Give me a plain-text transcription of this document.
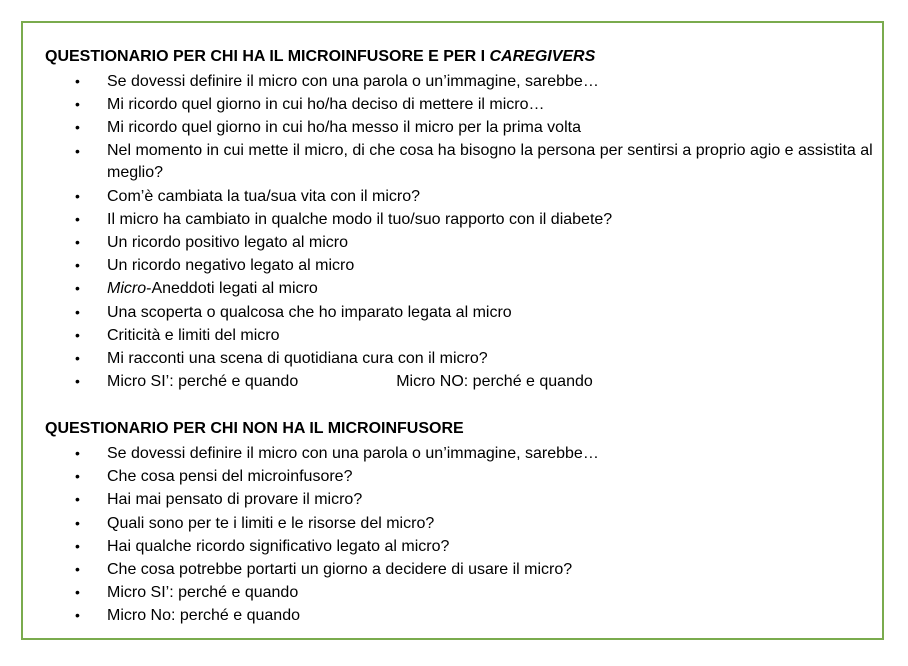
QUESTIONARIO PER CHI HA IL MICROINFUSORE E PER I CAREGIVERS

• Se dovessi definire il micro con una parola o un’immagine, sarebbe…
• Mi ricordo quel giorno in cui ho/ha deciso di mettere il micro…
• Mi ricordo quel giorno in cui ho/ha messo il micro per la prima volta
• Nel momento in cui mette il micro, di che cosa ha bisogno la persona per sentirsi a proprio agio e assistita al meglio?
• Com’è cambiata la tua/sua vita con il micro?
• Il micro ha cambiato in qualche modo il tuo/suo rapporto con il diabete?
• Un ricordo positivo legato al micro
• Un ricordo negativo legato al micro
• Micro-Aneddoti legati al micro
• Una scoperta o qualcosa che ho imparato legata al micro
• Criticità e limiti del micro
• Mi racconti una scena di quotidiana cura con il micro?
• Micro SI’: perché e quando	Micro NO: perché e quando

QUESTIONARIO PER CHI NON HA IL MICROINFUSORE

• Se dovessi definire il micro con una parola o un’immagine, sarebbe…
• Che cosa pensi del microinfusore?
• Hai mai pensato di provare il micro?
• Quali sono per te i limiti e le risorse del micro?
• Hai qualche ricordo significativo legato al micro?
• Che cosa potrebbe portarti un giorno a decidere di usare il micro?
• Micro SI’: perché e quando
• Micro No: perché e quando
